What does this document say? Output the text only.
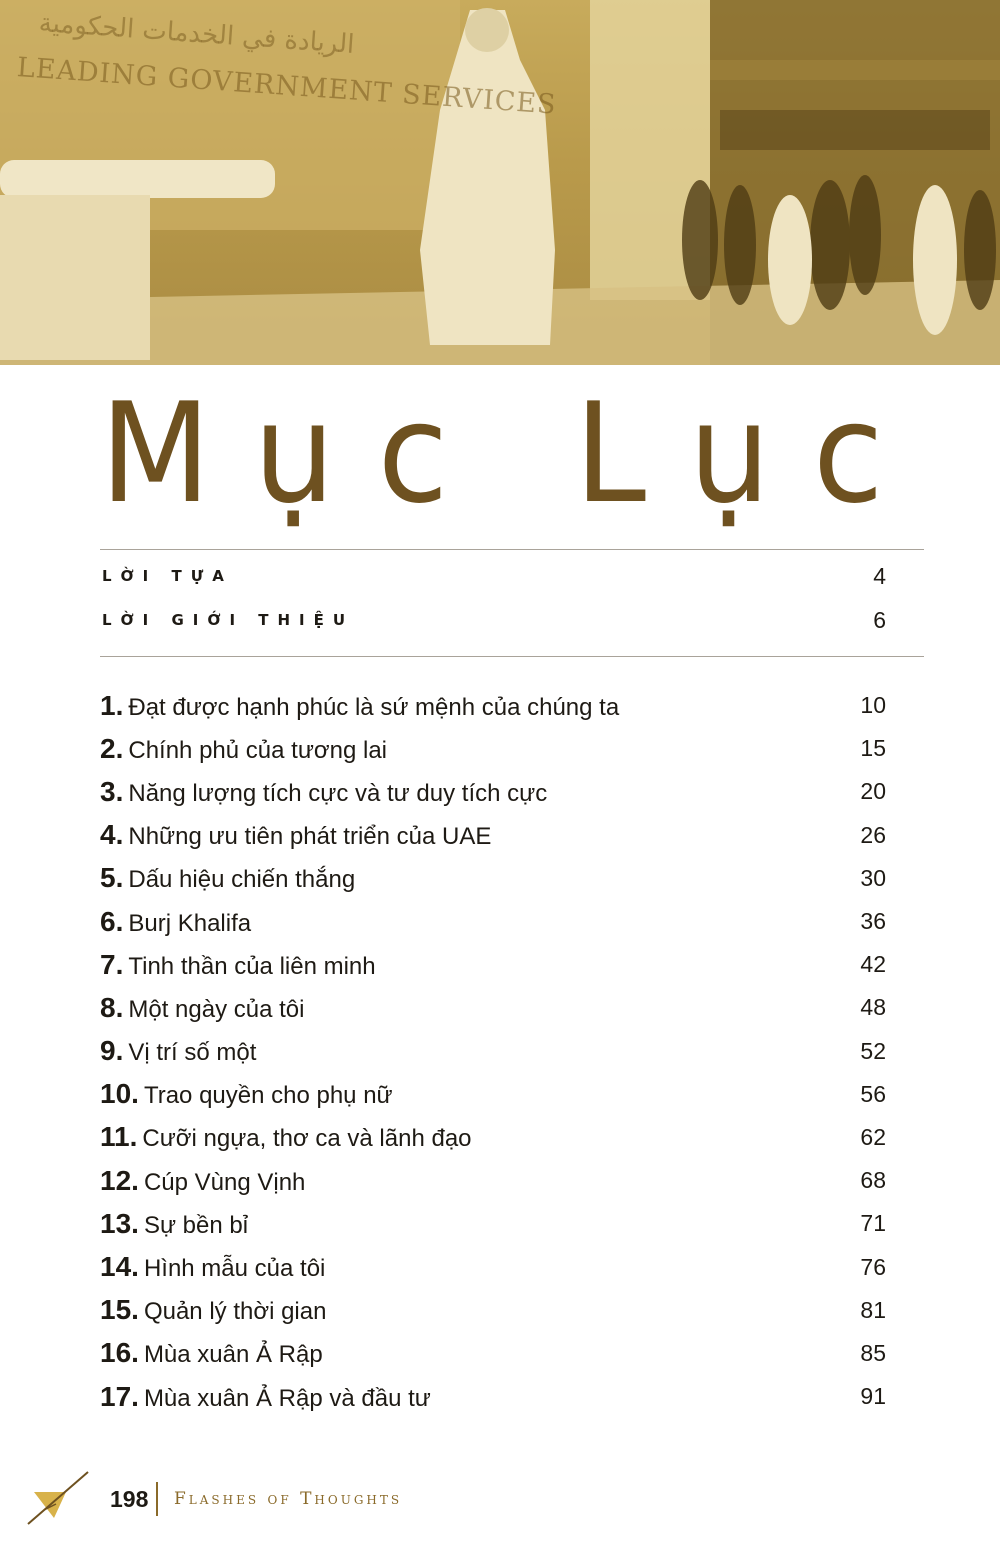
الريادة في الخدمات الحكومية
LEADING GOVERNMENT SERVICES
Mục Lục
LỜI TỰA	4
LỜI GIỚI THIỆU	6
1. Đạt được hạnh phúc là sứ mệnh của chúng ta	10
2. Chính phủ của tương lai	15
3. Năng lượng tích cực và tư duy tích cực	20
4. Những ưu tiên phát triển của UAE	26
5. Dấu hiệu chiến thắng	30
6. Burj Khalifa	36
7. Tinh thần của liên minh	42
8. Một ngày của tôi	48
9. Vị trí số một	52
10. Trao quyền cho phụ nữ	56
11. Cưỡi ngựa, thơ ca và lãnh đạo	62
12. Cúp Vùng Vịnh	68
13. Sự bền bỉ	71
14. Hình mẫu của tôi	76
15. Quản lý thời gian	81
16. Mùa xuân Ả Rập	85
17. Mùa xuân Ả Rập và đầu tư	91
198 Flashes of Thoughts
